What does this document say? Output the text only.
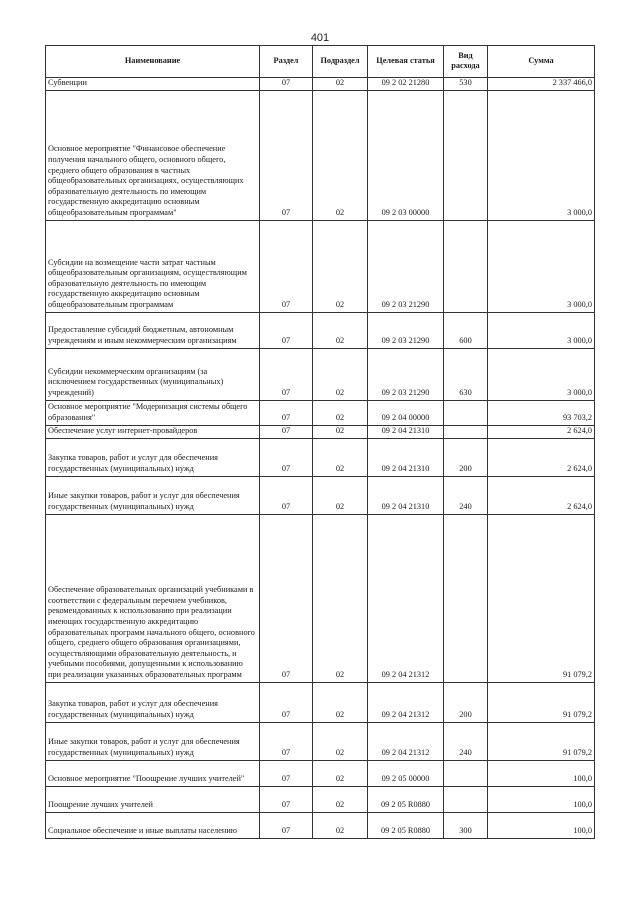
401
Наименование	Раздел	Подраздел	Целевая статья	Вид расхода	Сумма
Субвенции	07	02	09 2 02 21280	530	2 337 466,0
Основное мероприятие "Финансовое обеспечение получения начального общего, основного общего, среднего общего образования в частных общеобразовательных организациях, осуществляющих образовательную деятельность по имеющим государственную аккредитацию основным общеобразовательным программам"	07	02	09 2 03 00000		3 000,0
Субсидии на возмещение части затрат частным общеобразовательным организациям, осуществляющим образовательную деятельность по имеющим государственную аккредитацию основным общеобразовательным программам	07	02	09 2 03 21290		3 000,0
Предоставление субсидий бюджетным, автономным учреждениям и иным некоммерческим организациям	07	02	09 2 03 21290	600	3 000,0
Субсидии некоммерческим организациям (за исключением государственных (муниципальных) учреждений)	07	02	09 2 03 21290	630	3 000,0
Основное мероприятие "Модернизация системы общего образования"	07	02	09 2 04 00000		93 703,2
Обеспечение услуг интернет-провайдеров	07	02	09 2 04 21310		2 624,0
Закупка товаров, работ и услуг для обеспечения государственных (муниципальных) нужд	07	02	09 2 04 21310	200	2 624,0
Иные закупки товаров, работ и услуг для обеспечения государственных (муниципальных) нужд	07	02	09 2 04 21310	240	2 624,0
Обеспечение образовательных организаций учебниками в соответствии с федеральным перечнем учебников, рекомендованных к использованию при реализации имеющих государственную аккредитацию образовательных программ начального общего, основного общего, среднего общего образования организациями, осуществляющими образовательную деятельность, и учебными пособиями, допущенными к использованию при реализации указанных образовательных программ	07	02	09 2 04 21312		91 079,2
Закупка товаров, работ и услуг для обеспечения государственных (муниципальных) нужд	07	02	09 2 04 21312	200	91 079,2
Иные закупки товаров, работ и услуг для обеспечения государственных (муниципальных) нужд	07	02	09 2 04 21312	240	91 079,2
Основное мероприятие "Поощрение лучших учителей"	07	02	09 2 05 00000		100,0
Поощрение лучших учителей	07	02	09 2 05 R0880		100,0
Социальное обеспечение и иные выплаты населению	07	02	09 2 05 R0880	300	100,0
